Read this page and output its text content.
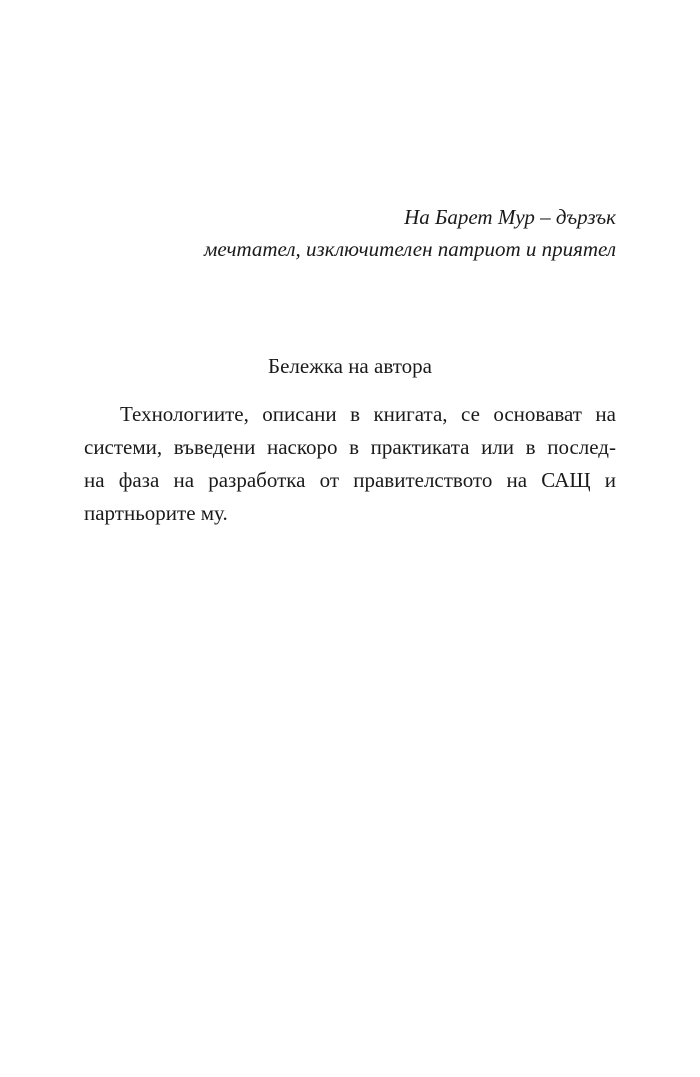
На Барет Мур – дързък
мечтател, изключителен патриот и приятел
Бележка на автора
Технологиите, описани в книгата, се основават на
системи, въведени наскоро в практиката или в послед-
на фаза на разработка от правителството на САЩ и
партньорите му.
